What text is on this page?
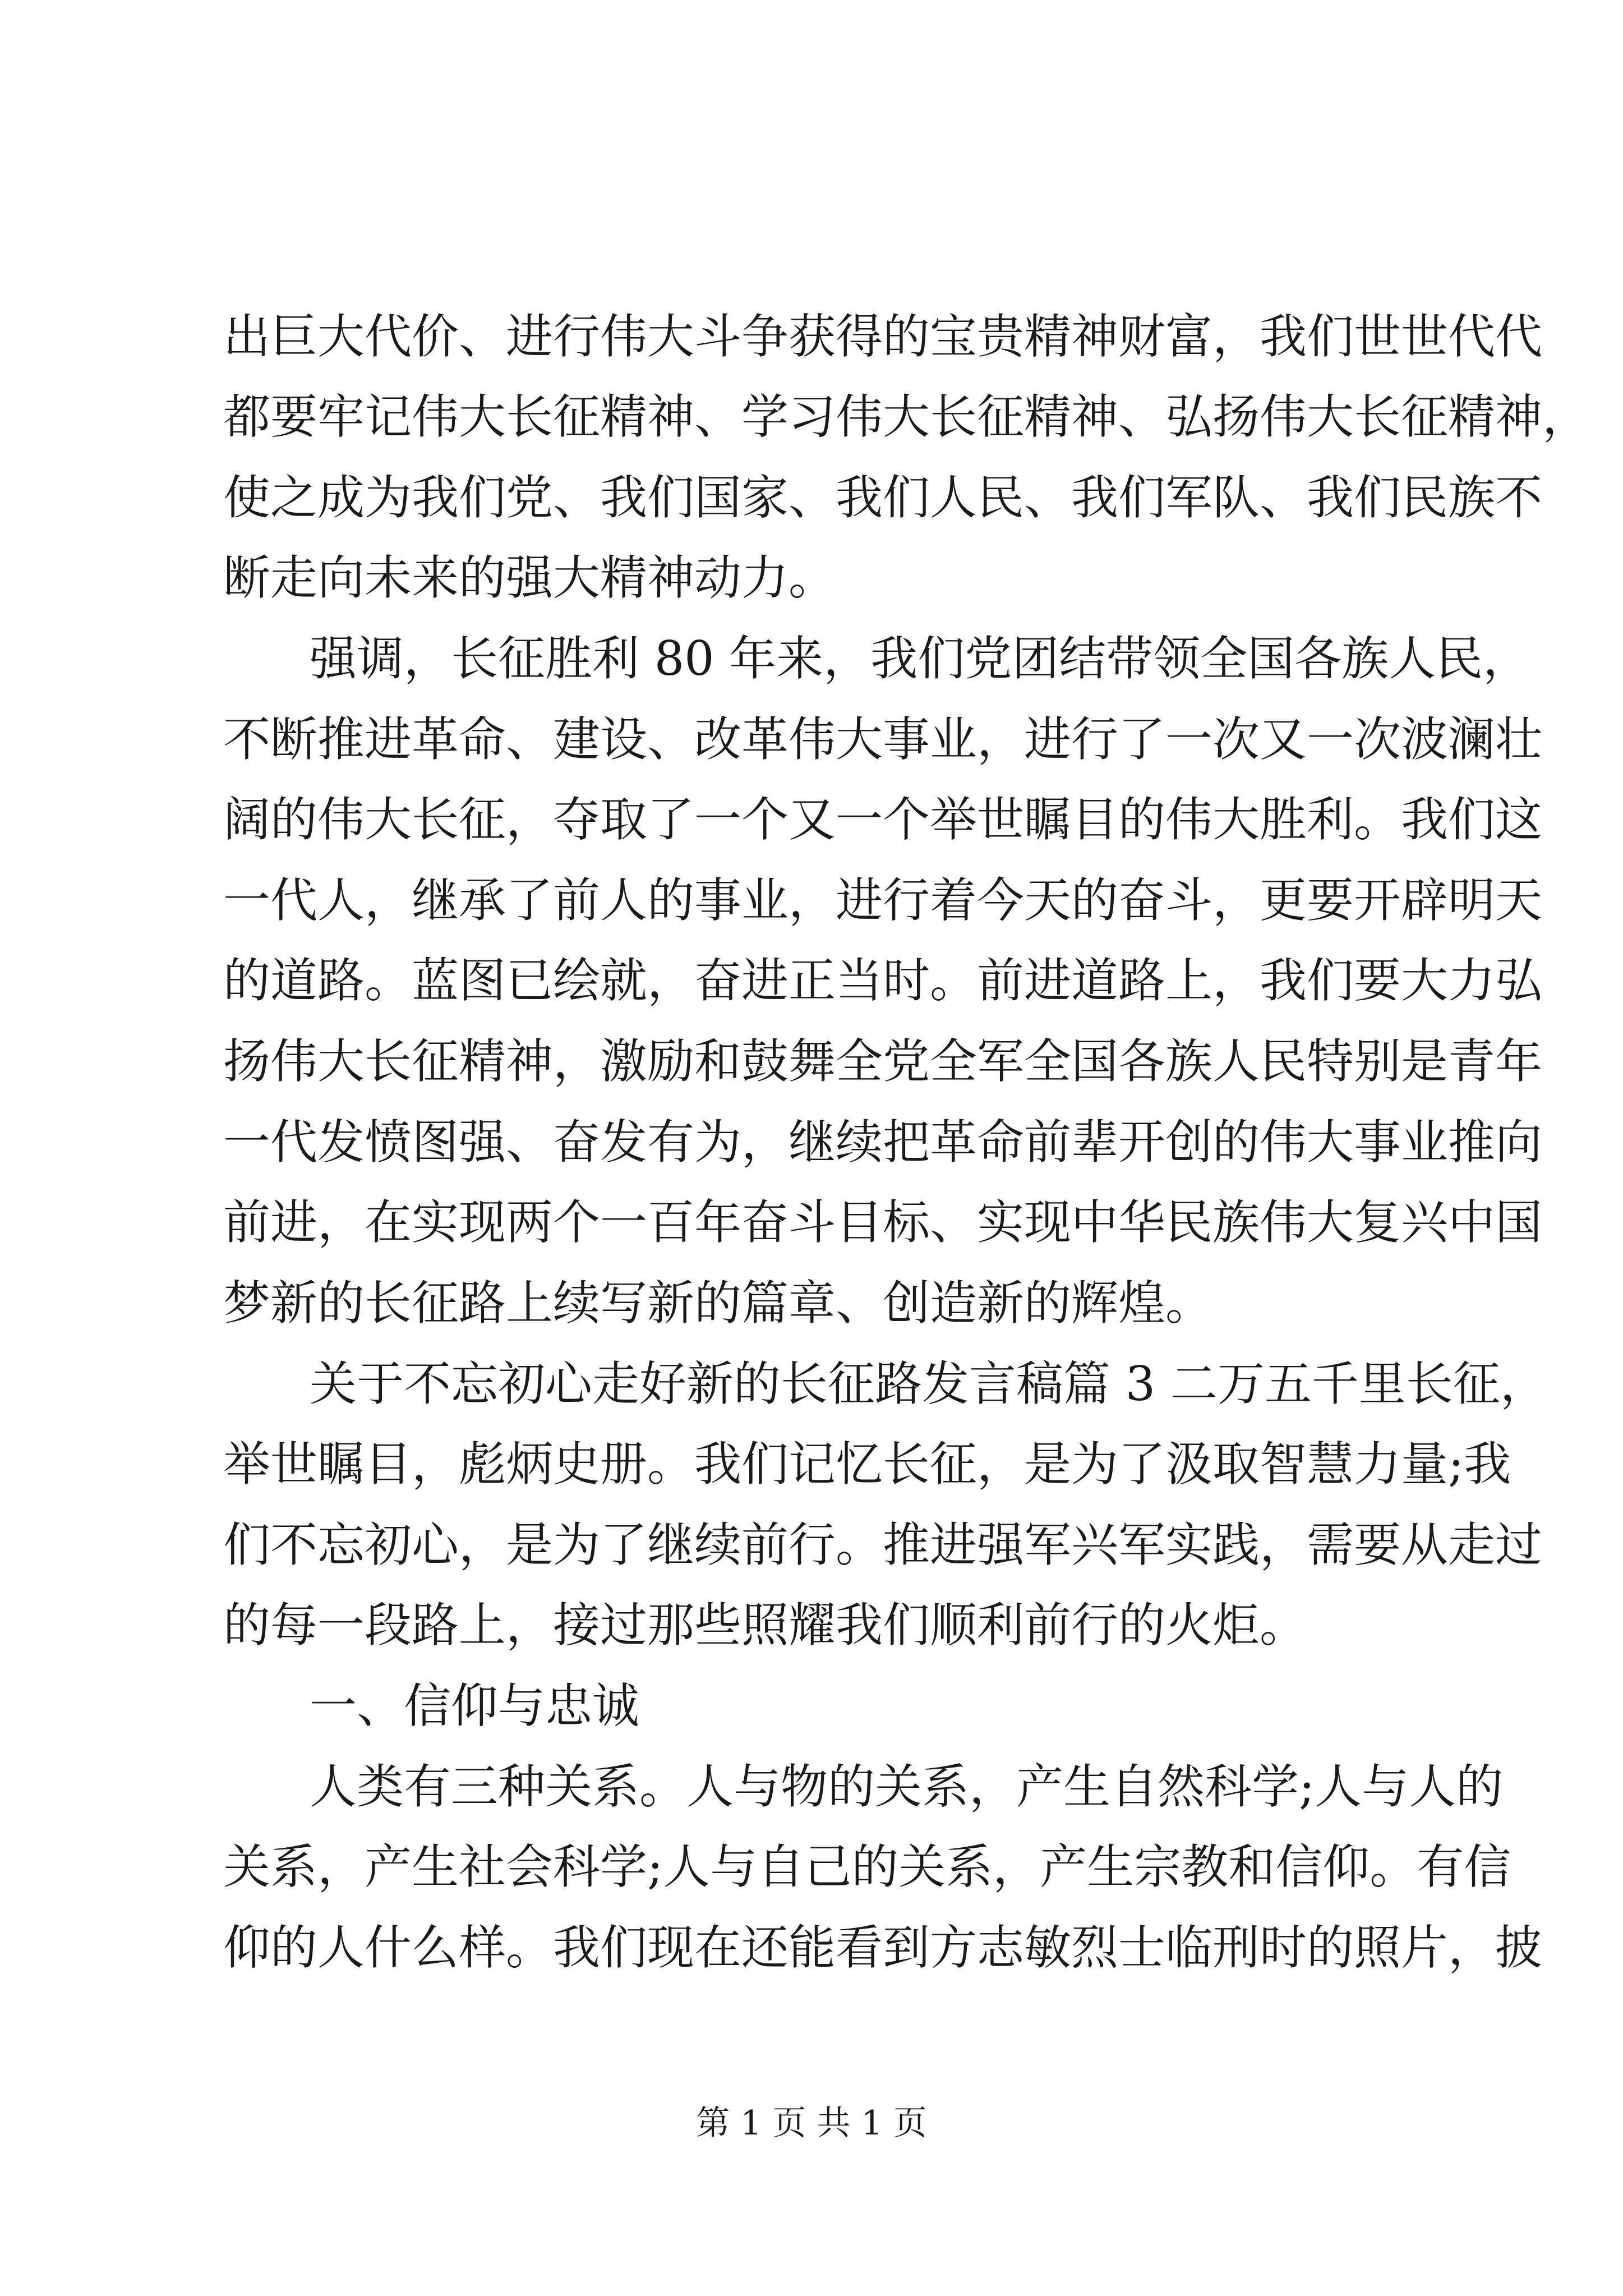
出巨大代价、进行伟大斗争获得的宝贵精神财富，我们世世代代
都要牢记伟大长征精神、学习伟大长征精神、弘扬伟大长征精神，
使之成为我们党、我们国家、我们人民、我们军队、我们民族不
断走向未来的强大精神动力。
强调，长征胜利 80 年来，我们党团结带领全国各族人民，
不断推进革命、建设、改革伟大事业，进行了一次又一次波澜壮
阔的伟大长征，夺取了一个又一个举世瞩目的伟大胜利。我们这
一代人，继承了前人的事业，进行着今天的奋斗，更要开辟明天
的道路。蓝图已绘就，奋进正当时。前进道路上，我们要大力弘
扬伟大长征精神，激励和鼓舞全党全军全国各族人民特别是青年
一代发愤图强、奋发有为，继续把革命前辈开创的伟大事业推向
前进，在实现两个一百年奋斗目标、实现中华民族伟大复兴中国
梦新的长征路上续写新的篇章、创造新的辉煌。
关于不忘初心走好新的长征路发言稿篇 3 二万五千里长征，
举世瞩目，彪炳史册。我们记忆长征，是为了汲取智慧力量;我
们不忘初心，是为了继续前行。推进强军兴军实践，需要从走过
的每一段路上，接过那些照耀我们顺利前行的火炬。
一、信仰与忠诚
人类有三种关系。人与物的关系，产生自然科学;人与人的
关系，产生社会科学;人与自己的关系，产生宗教和信仰。有信
仰的人什么样。我们现在还能看到方志敏烈士临刑时的照片，披
第 1 页 共 1 页
